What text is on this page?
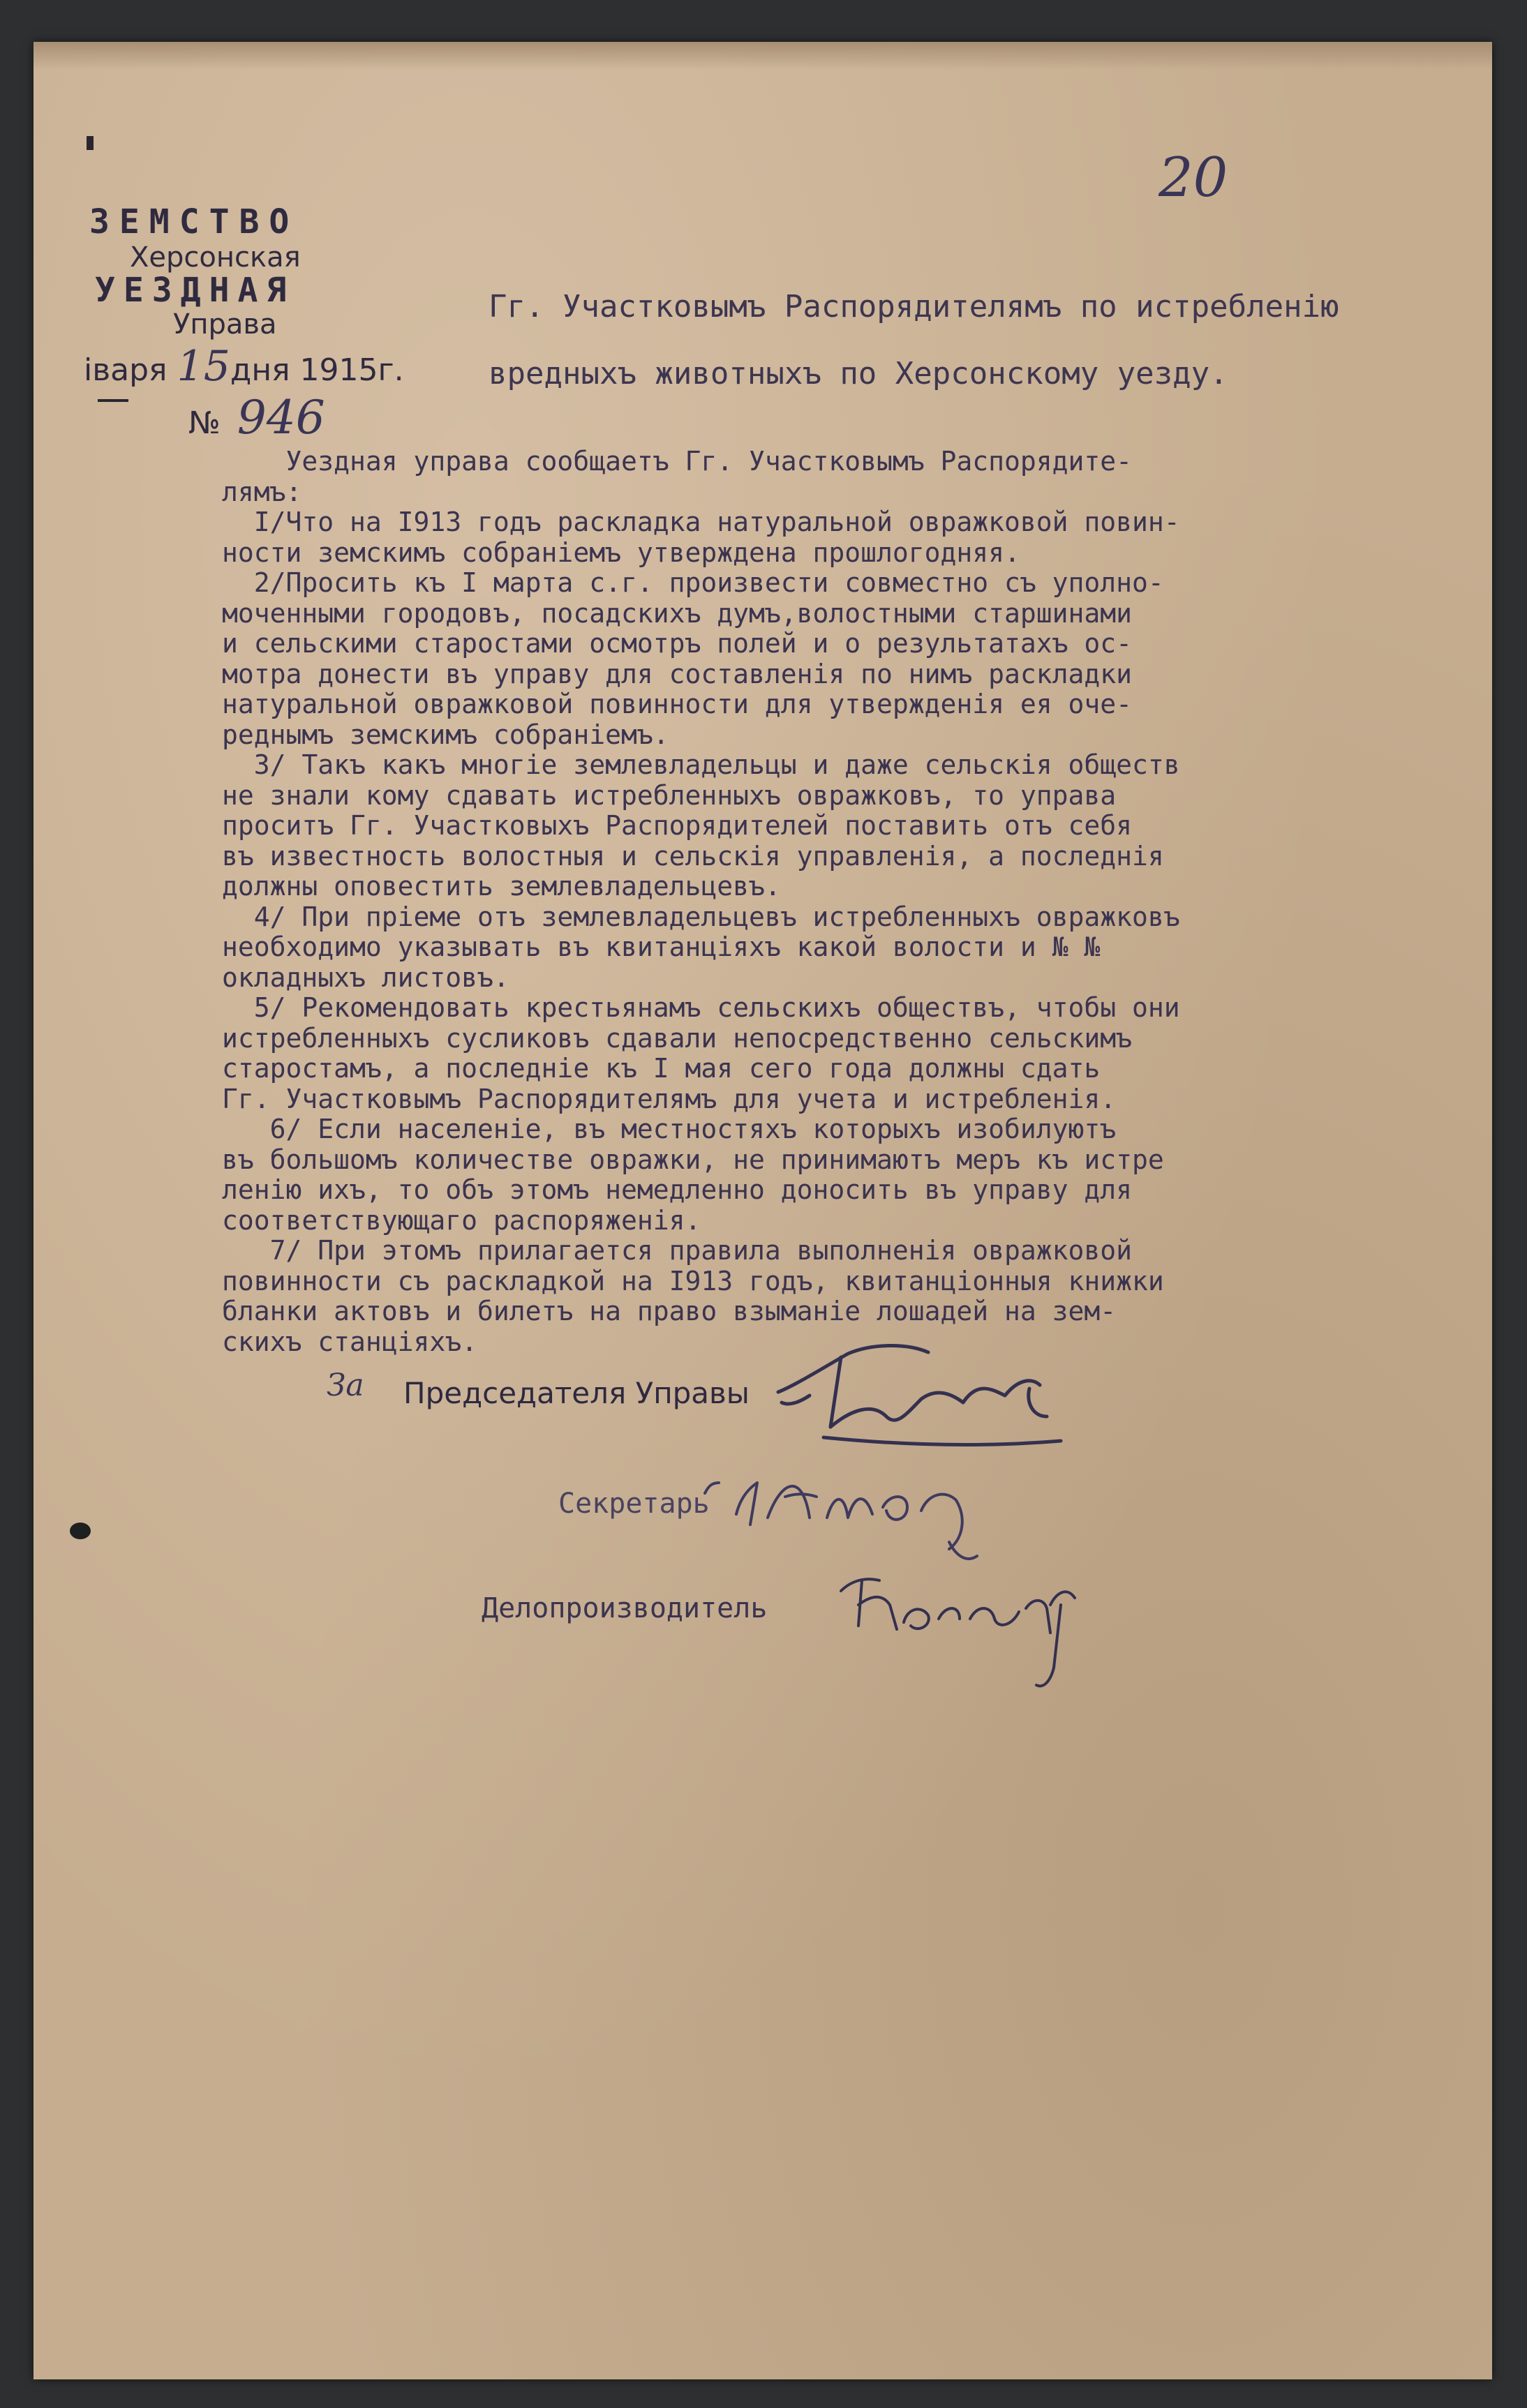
20
ЗЕМСТВО
Херсонская
УЕЗДНАЯ
Управа
іваря 15дня 1915г.
№ 946
Гг. Участковымъ Распорядителямъ по истребленію
вредныхъ животныхъ по Херсонскому уезду.
Уездная управа сообщаетъ Гг. Участковымъ Распорядите-
лямъ:
I/Что на I913 годъ раскладка натуральной овражковой повин-
ности земскимъ собраніемъ утверждена прошлогодняя.
2/Просить къ I марта с.г. произвести совместно съ уполно-
моченными городовъ, посадскихъ думъ,волостными старшинами
и сельскими старостами осмотръ полей и о результатахъ ос-
мотра донести въ управу для составленія по нимъ раскладки
натуральной овражковой повинности для утвержденія ея оче-
реднымъ земскимъ собраніемъ.
3/ Такъ какъ многіе землевладельцы и даже сельскія обществ
не знали кому сдавать истребленныхъ овражковъ, то управа
проситъ Гг. Участковыхъ Распорядителей поставить отъ себя
въ известность волостныя и сельскія управленія, а последнія
должны оповестить землевладельцевъ.
4/ При пріеме отъ землевладельцевъ истребленныхъ овражковъ
необходимо указывать въ квитанціяхъ какой волости и № №
окладныхъ листовъ.
5/ Рекомендовать крестьянамъ сельскихъ обществъ, чтобы они
истребленныхъ сусликовъ сдавали непосредственно сельскимъ
старостамъ, а последніе къ I мая сего года должны сдать
Гг. Участковымъ Распорядителямъ для учета и истребленія.
6/ Если населеніе, въ местностяхъ которыхъ изобилуютъ
въ большомъ количестве овражки, не принимаютъ меръ къ истре
ленію ихъ, то объ этомъ немедленно доносить въ управу для
соответствующаго распоряженія.
7/ При этомъ прилагается правила выполненія овражковой
повинности съ раскладкой на I913 годъ, квитанціонныя книжки
бланки актовъ и билетъ на право взыманіе лошадей на зем-
скихъ станціяхъ.
За Председателя Управы
Секретарь
Делопроизводитель
